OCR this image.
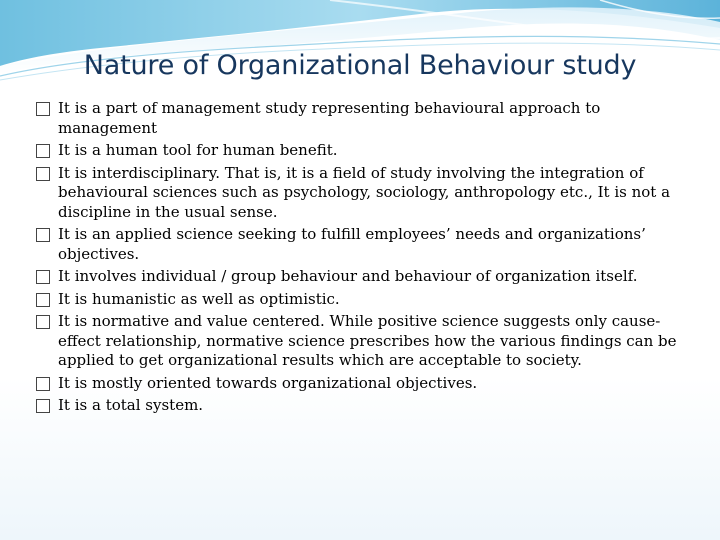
Nature of Organizational Behaviour study
It is a part of management study representing behavioural approach to management
It is a human tool for human benefit.
It is interdisciplinary. That is, it is a field of study involving the integration of behavioural sciences such as psychology, sociology, anthropology etc., It is not a discipline in the usual sense.
It is an applied science seeking to fulfill employees’ needs and organizations’ objectives.
It involves individual / group behaviour and behaviour of organization itself.
It is humanistic as well as optimistic.
It is normative and value centered. While positive science suggests only cause-effect relationship, normative science prescribes how the various findings can be applied to get organizational results which are acceptable to society.
It is mostly oriented towards organizational objectives.
It is a total system.
